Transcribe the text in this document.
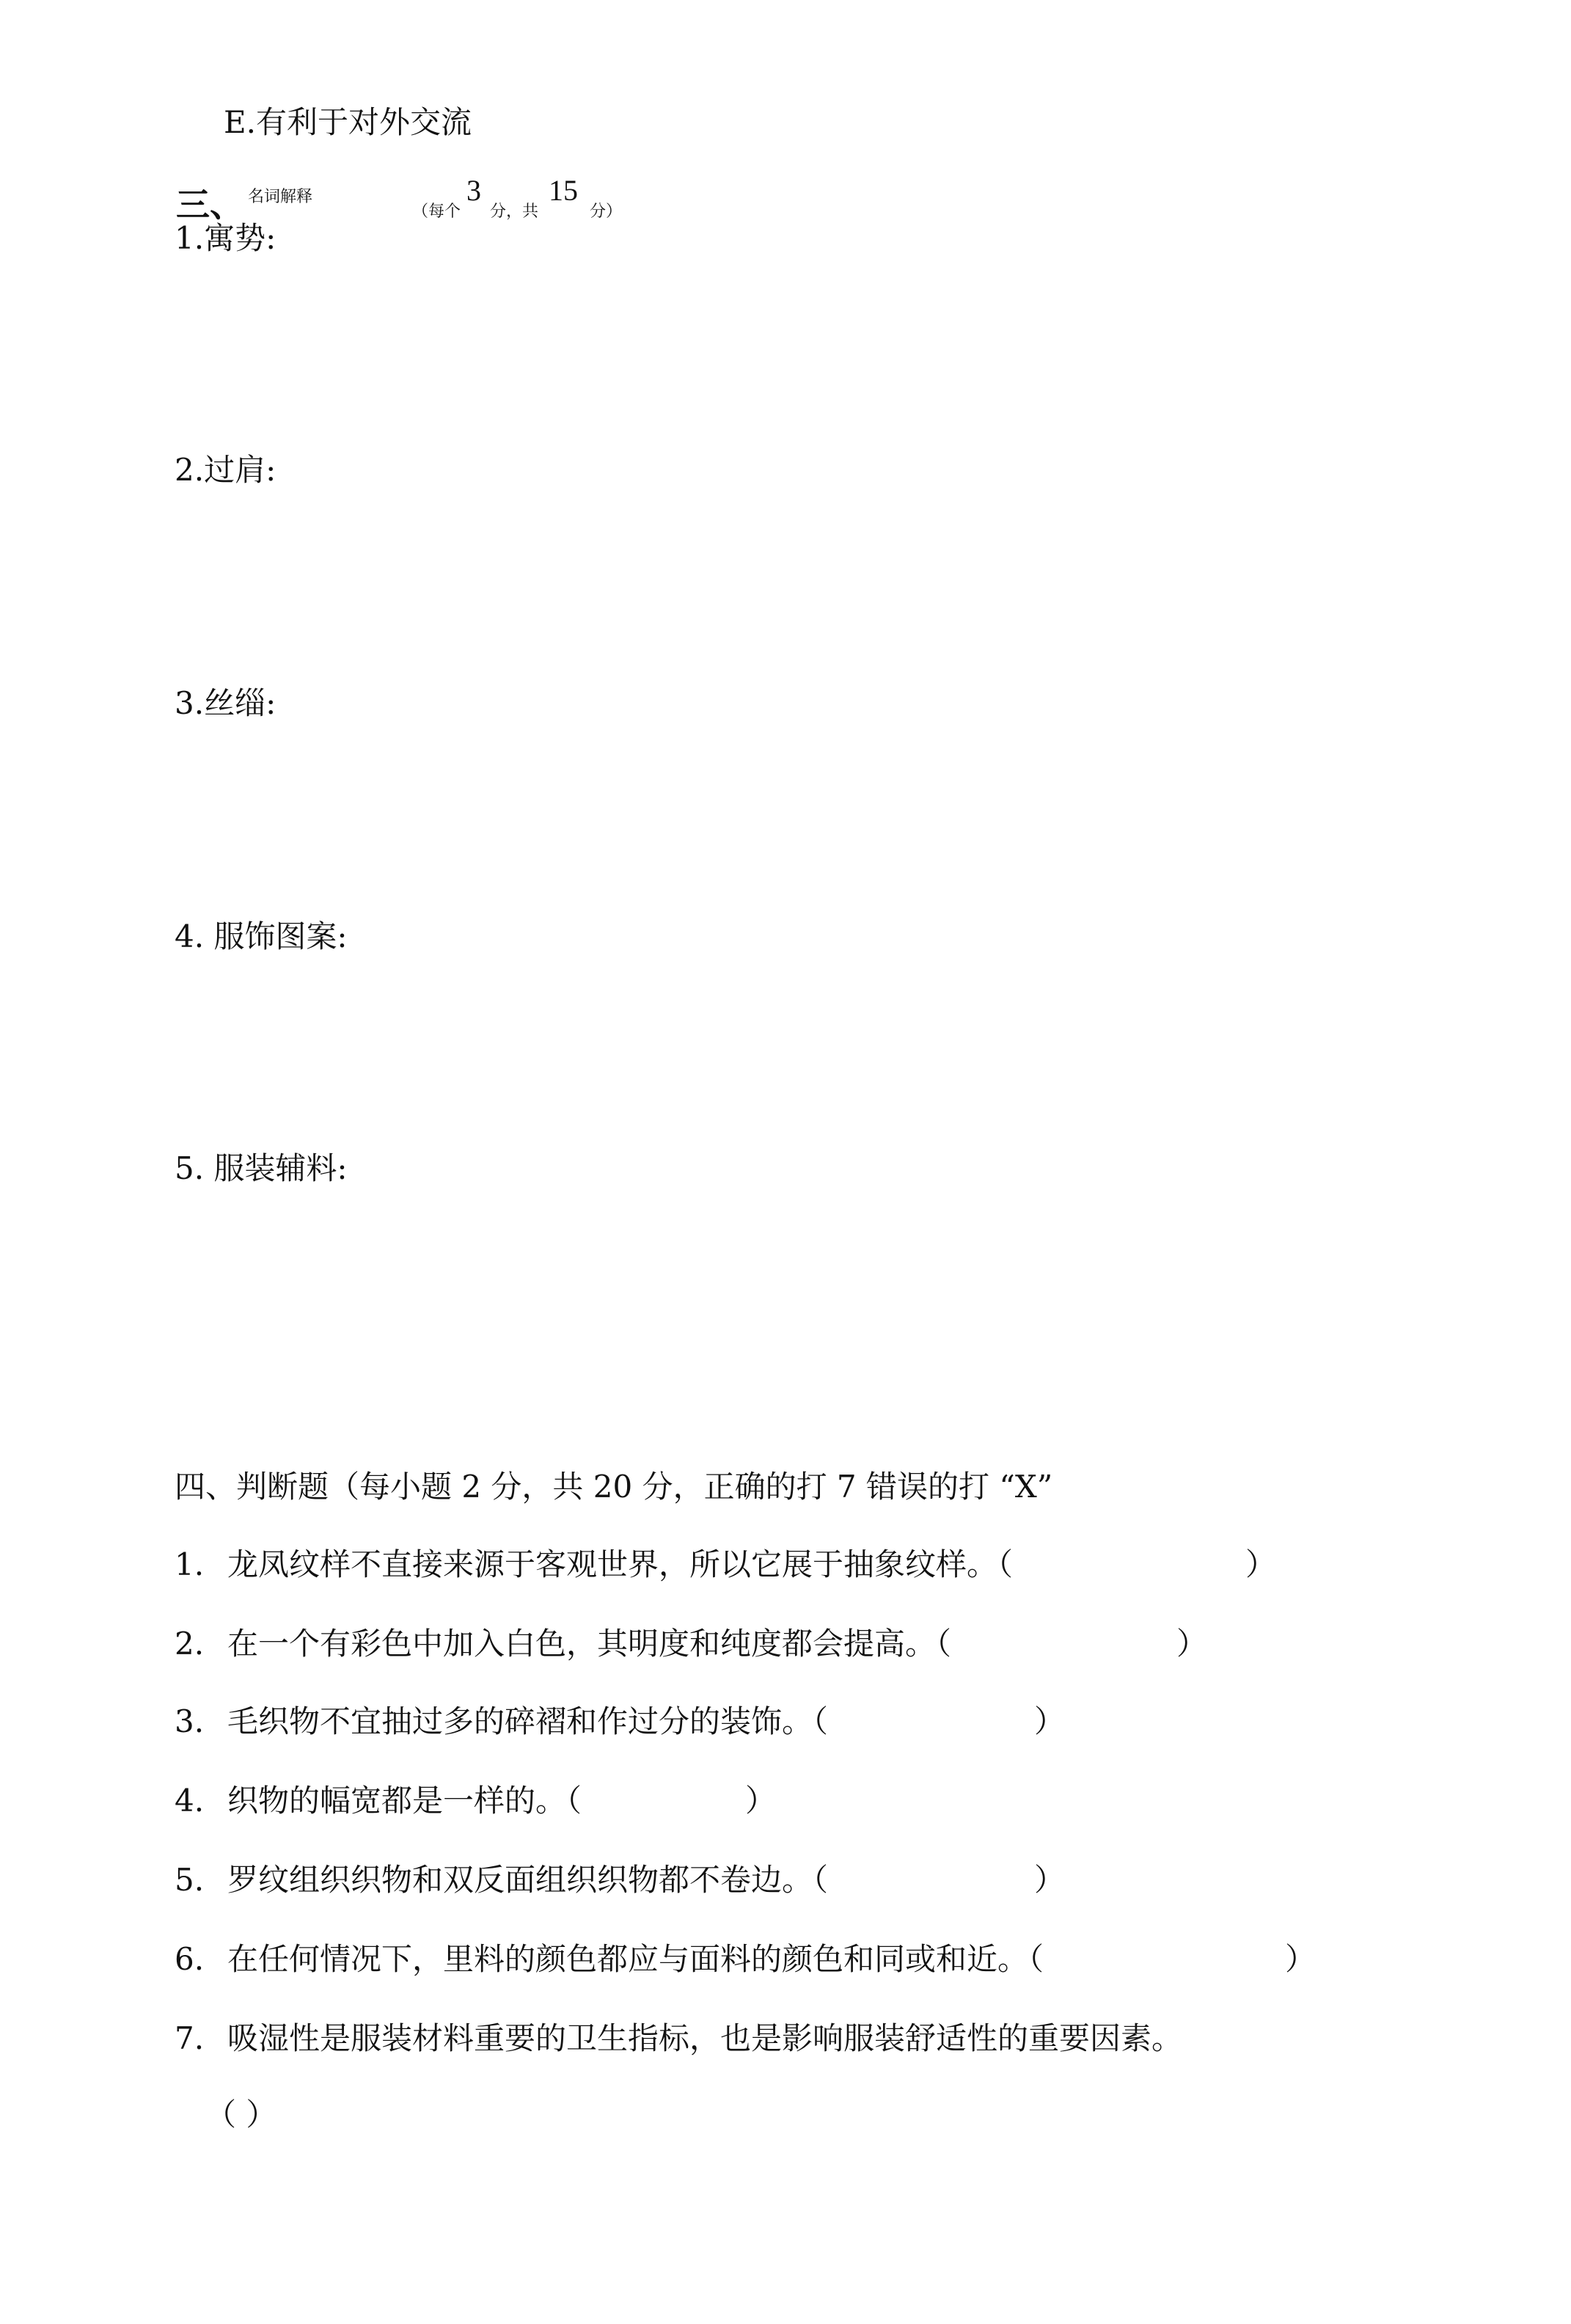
E.有利于对外交流
三、 名词解释
（每个
3
分，共
15
分）
1.寓势:
2.过肩:
3.丝缁:
4. 服饰图案:
5. 服装辅料:
四、判断题（每小题 2 分，共 20 分，正确的打 7 错误的打 “X”
1. 龙凤纹样不直接来源于客观世界，所以它展于抽象纹样。（	）
2. 在一个有彩色中加入白色，其明度和纯度都会提高。（	）
3. 毛织物不宜抽过多的碎褶和作过分的装饰。（	）
4. 织物的幅宽都是一样的。（	）
5. 罗纹组织织物和双反面组织织物都不卷边。（	）
6. 在任何情况下，里料的颜色都应与面料的颜色和同或和近。（	）
7. 吸湿性是服装材料重要的卫生指标，也是影响服装舒适性的重要因素。
（ ）
